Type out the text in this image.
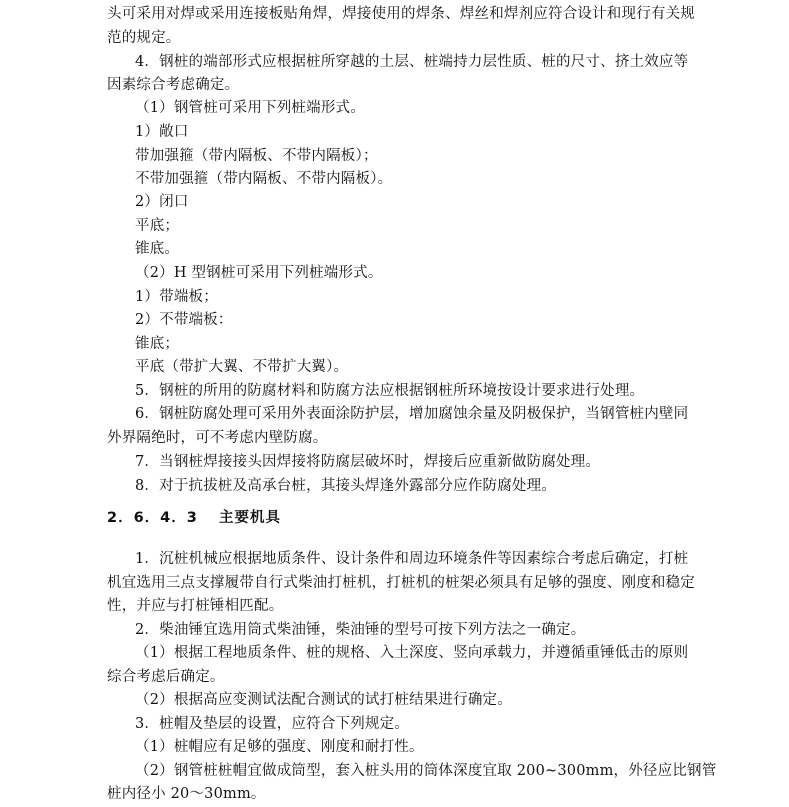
头可采用对焊或采用连接板贴角焊，焊接使用的焊条、焊丝和焊剂应符合设计和现行有关规
范的规定。
4．钢桩的端部形式应根据桩所穿越的土层、桩端持力层性质、桩的尺寸、挤土效应等
因素综合考虑确定。
（1）钢管桩可采用下列桩端形式。
1）敞口
带加强箍（带内隔板、不带内隔板）；
不带加强箍（带内隔板、不带内隔板）。
2）闭口
平底；
锥底。
（2）H 型钢桩可采用下列桩端形式。
1）带端板；
2）不带端板：
锥底；
平底（带扩大翼、不带扩大翼）。
5．钢桩的所用的防腐材料和防腐方法应根据钢桩所环境按设计要求进行处理。
6．钢桩防腐处理可采用外表面涂防护层，增加腐蚀余量及阴极保护，当钢管桩内壁同
外界隔绝时，可不考虑内壁防腐。
7．当钢桩焊接接头因焊接将防腐层破坏时，焊接后应重新做防腐处理。
8．对于抗拔桩及高承台桩，其接头焊逢外露部分应作防腐处理。
2．6．4．3 主要机具
1．沉桩机械应根据地质条件、设计条件和周边环境条件等因素综合考虑后确定，打桩
机宜选用三点支撑履带自行式柴油打桩机，打桩机的桩架必须具有足够的强度、刚度和稳定
性，并应与打桩锤相匹配。
2．柴油锤宜选用筒式柴油锤，柴油锤的型号可按下列方法之一确定。
（1）根据工程地质条件、桩的规格、入土深度、竖向承载力，并遵循重锤低击的原则
综合考虑后确定。
（2）根据高应变测试法配合测试的试打桩结果进行确定。
3．桩帽及垫层的设置，应符合下列规定。
（1）桩帽应有足够的强度、刚度和耐打性。
（2）钢管桩桩帽宜做成筒型，套入桩头用的筒体深度宜取 200~300mm，外径应比钢管
桩内径小 20～30mm。
